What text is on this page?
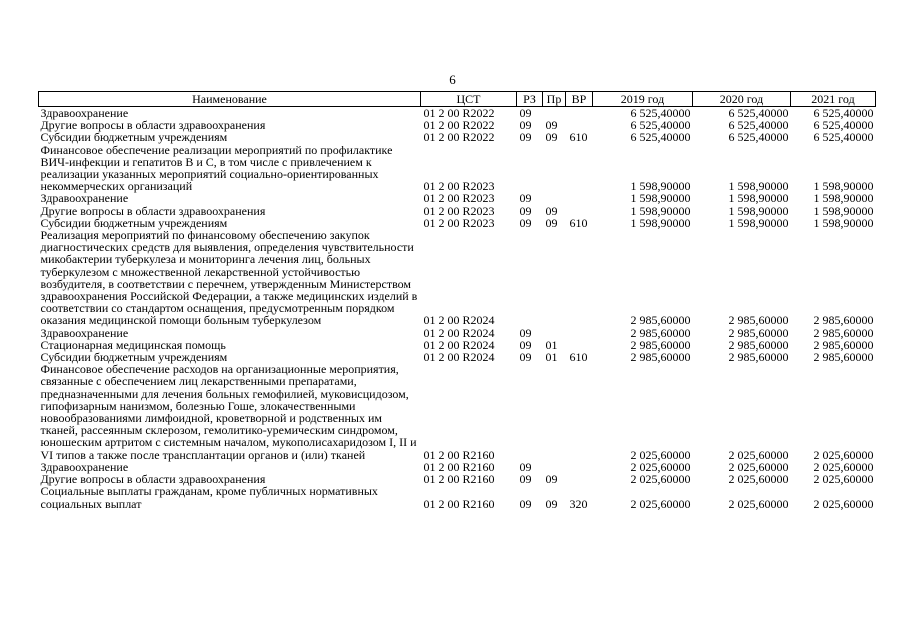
6
Наименование	ЦСТ	РЗ	Пр	ВР	2019 год	2020 год	2021 год
Здравоохранение	01 2 00 R2022	09			6 525,40000	6 525,40000	6 525,40000
Другие вопросы в области здравоохранения	01 2 00 R2022	09	09		6 525,40000	6 525,40000	6 525,40000
Субсидии бюджетным учреждениям	01 2 00 R2022	09	09	610	6 525,40000	6 525,40000	6 525,40000
Финансовое обеспечение реализации мероприятий по профилактике ВИЧ-инфекции и гепатитов B и C, в том числе с привлечением к реализации указанных мероприятий социально-ориентированных некоммерческих организаций	01 2 00 R2023				1 598,90000	1 598,90000	1 598,90000
Здравоохранение	01 2 00 R2023	09			1 598,90000	1 598,90000	1 598,90000
Другие вопросы в области здравоохранения	01 2 00 R2023	09	09		1 598,90000	1 598,90000	1 598,90000
Субсидии бюджетным учреждениям	01 2 00 R2023	09	09	610	1 598,90000	1 598,90000	1 598,90000
Реализация мероприятий по финансовому обеспечению закупок диагностических средств для выявления, определения чувствительности микобактерии туберкулеза и мониторинга лечения лиц, больных туберкулезом с множественной лекарственной устойчивостью возбудителя, в соответствии с перечнем, утвержденным Министерством здравоохранения Российской Федерации, а также медицинских изделий в соответствии со стандартом оснащения, предусмотренным порядком оказания медицинской помощи больным туберкулезом	01 2 00 R2024				2 985,60000	2 985,60000	2 985,60000
Здравоохранение	01 2 00 R2024	09			2 985,60000	2 985,60000	2 985,60000
Стационарная медицинская помощь	01 2 00 R2024	09	01		2 985,60000	2 985,60000	2 985,60000
Субсидии бюджетным учреждениям	01 2 00 R2024	09	01	610	2 985,60000	2 985,60000	2 985,60000
Финансовое обеспечение расходов на организационные мероприятия, связанные с обеспечением лиц лекарственными препаратами, предназначенными для лечения больных гемофилией, муковисцидозом, гипофизарным нанизмом, болезнью Гоше, злокачественными новообразованиями лимфоидной, кроветворной и родственных им тканей, рассеянным склерозом, гемолитико-уремическим синдромом, юношеским артритом с системным началом, мукополисахаридозом I, II и VI типов а также после трансплантации органов и (или) тканей	01 2 00 R2160				2 025,60000	2 025,60000	2 025,60000
Здравоохранение	01 2 00 R2160	09			2 025,60000	2 025,60000	2 025,60000
Другие вопросы в области здравоохранения	01 2 00 R2160	09	09		2 025,60000	2 025,60000	2 025,60000
Социальные выплаты гражданам, кроме публичных нормативных социальных выплат	01 2 00 R2160	09	09	320	2 025,60000	2 025,60000	2 025,60000
